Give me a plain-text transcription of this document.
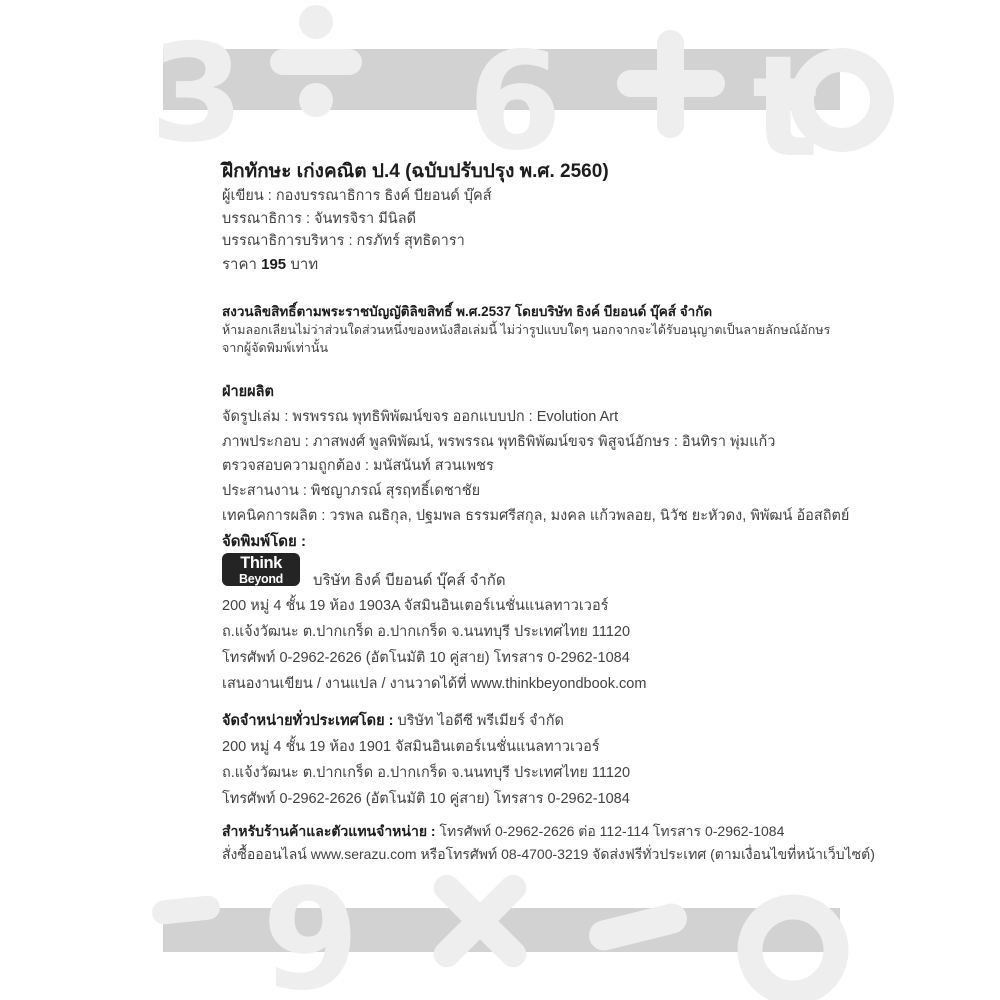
3 6 t
9
ฝึกทักษะ เก่งคณิต ป.4 (ฉบับปรับปรุง พ.ศ. 2560)
ผู้เขียน : กองบรรณาธิการ ธิงค์ บียอนด์ บุ๊คส์
บรรณาธิการ : จันทรจิรา มีนิลดี
บรรณาธิการบริหาร : กรภัทร์ สุทธิดารา
ราคา 195 บาท
สงวนลิขสิทธิ์ตามพระราชบัญญัติลิขสิทธิ์ พ.ศ.2537 โดยบริษัท ธิงค์ บียอนด์ บุ๊คส์ จำกัด
ห้ามลอกเลียนไม่ว่าส่วนใดส่วนหนึ่งของหนังสือเล่มนี้ ไม่ว่ารูปแบบใดๆ นอกจากจะได้รับอนุญาตเป็นลายลักษณ์อักษร
จากผู้จัดพิมพ์เท่านั้น
ฝ่ายผลิต
จัดรูปเล่ม : พรพรรณ พุทธิพิพัฒน์ขจร ออกแบบปก : Evolution Art
ภาพประกอบ : ภาสพงศ์ พูลพิพัฒน์, พรพรรณ พุทธิพิพัฒน์ขจร พิสูจน์อักษร : อินทิรา พุ่มแก้ว
ตรวจสอบความถูกต้อง : มนัสนันท์ สวนเพชร
ประสานงาน : พิชญาภรณ์ สุรฤทธิ์เดชาชัย
เทคนิคการผลิต : วรพล ณธิกุล, ปฐมพล ธรรมศรีสกุล, มงคล แก้วพลอย, นิวัช ยะหัวดง, พิพัฒน์ อ้อสถิตย์
จัดพิมพ์โดย :
Think
Beyond	บริษัท ธิงค์ บียอนด์ บุ๊คส์ จำกัด
200 หมู่ 4 ชั้น 19 ห้อง 1903A จัสมินอินเตอร์เนชั่นแนลทาวเวอร์
ถ.แจ้งวัฒนะ ต.ปากเกร็ด อ.ปากเกร็ด จ.นนทบุรี ประเทศไทย 11120
โทรศัพท์ 0-2962-2626 (อัตโนมัติ 10 คู่สาย) โทรสาร 0-2962-1084
เสนองานเขียน / งานแปล / งานวาดได้ที่ www.thinkbeyondbook.com
จัดจำหน่ายทั่วประเทศโดย : บริษัท ไอดีซี พรีเมียร์ จำกัด
200 หมู่ 4 ชั้น 19 ห้อง 1901 จัสมินอินเตอร์เนชั่นแนลทาวเวอร์
ถ.แจ้งวัฒนะ ต.ปากเกร็ด อ.ปากเกร็ด จ.นนทบุรี ประเทศไทย 11120
โทรศัพท์ 0-2962-2626 (อัตโนมัติ 10 คู่สาย) โทรสาร 0-2962-1084
สำหรับร้านค้าและตัวแทนจำหน่าย : โทรศัพท์ 0-2962-2626 ต่อ 112-114 โทรสาร 0-2962-1084
สั่งซื้อออนไลน์ www.serazu.com หรือโทรศัพท์ 08-4700-3219 จัดส่งฟรีทั่วประเทศ (ตามเงื่อนไขที่หน้าเว็บไซต์)
